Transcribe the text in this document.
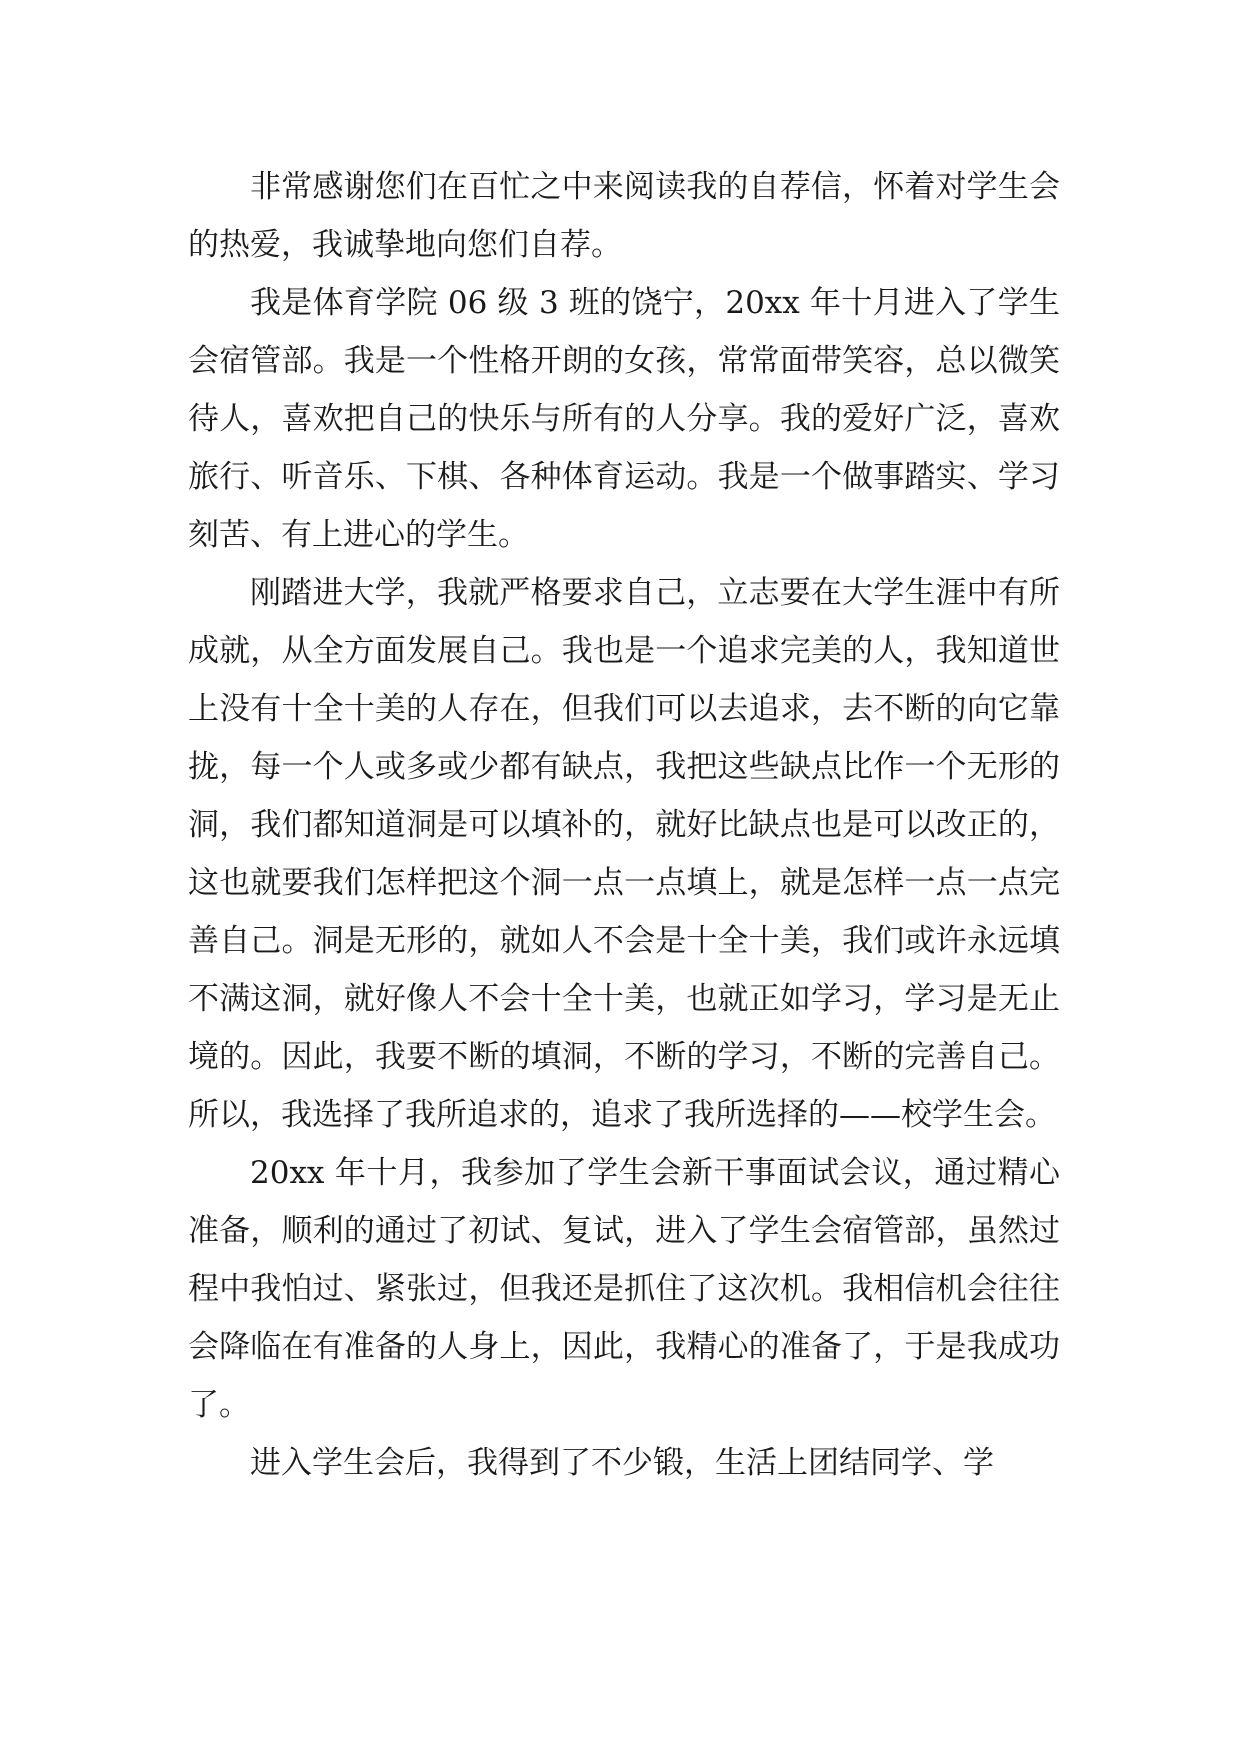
非常感谢您们在百忙之中来阅读我的自荐信，怀着对学生会的热爱，我诚挚地向您们自荐。

我是体育学院 06 级 3 班的饶宁，20xx 年十月进入了学生会宿管部。我是一个性格开朗的女孩，常常面带笑容，总以微笑待人，喜欢把自己的快乐与所有的人分享。我的爱好广泛，喜欢旅行、听音乐、下棋、各种体育运动。我是一个做事踏实、学习刻苦、有上进心的学生。

刚踏进大学，我就严格要求自己，立志要在大学生涯中有所成就，从全方面发展自己。我也是一个追求完美的人，我知道世上没有十全十美的人存在，但我们可以去追求，去不断的向它靠拢，每一个人或多或少都有缺点，我把这些缺点比作一个无形的洞，我们都知道洞是可以填补的，就好比缺点也是可以改正的，这也就要我们怎样把这个洞一点一点填上，就是怎样一点一点完善自己。洞是无形的，就如人不会是十全十美，我们或许永远填不满这洞，就好像人不会十全十美，也就正如学习，学习是无止境的。因此，我要不断的填洞，不断的学习，不断的完善自己。所以，我选择了我所追求的，追求了我所选择的——校学生会。

20xx 年十月，我参加了学生会新干事面试会议，通过精心准备，顺利的通过了初试、复试，进入了学生会宿管部，虽然过程中我怕过、紧张过，但我还是抓住了这次机。我相信机会往往会降临在有准备的人身上，因此，我精心的准备了，于是我成功了。

进入学生会后，我得到了不少锻，生活上团结同学、学
